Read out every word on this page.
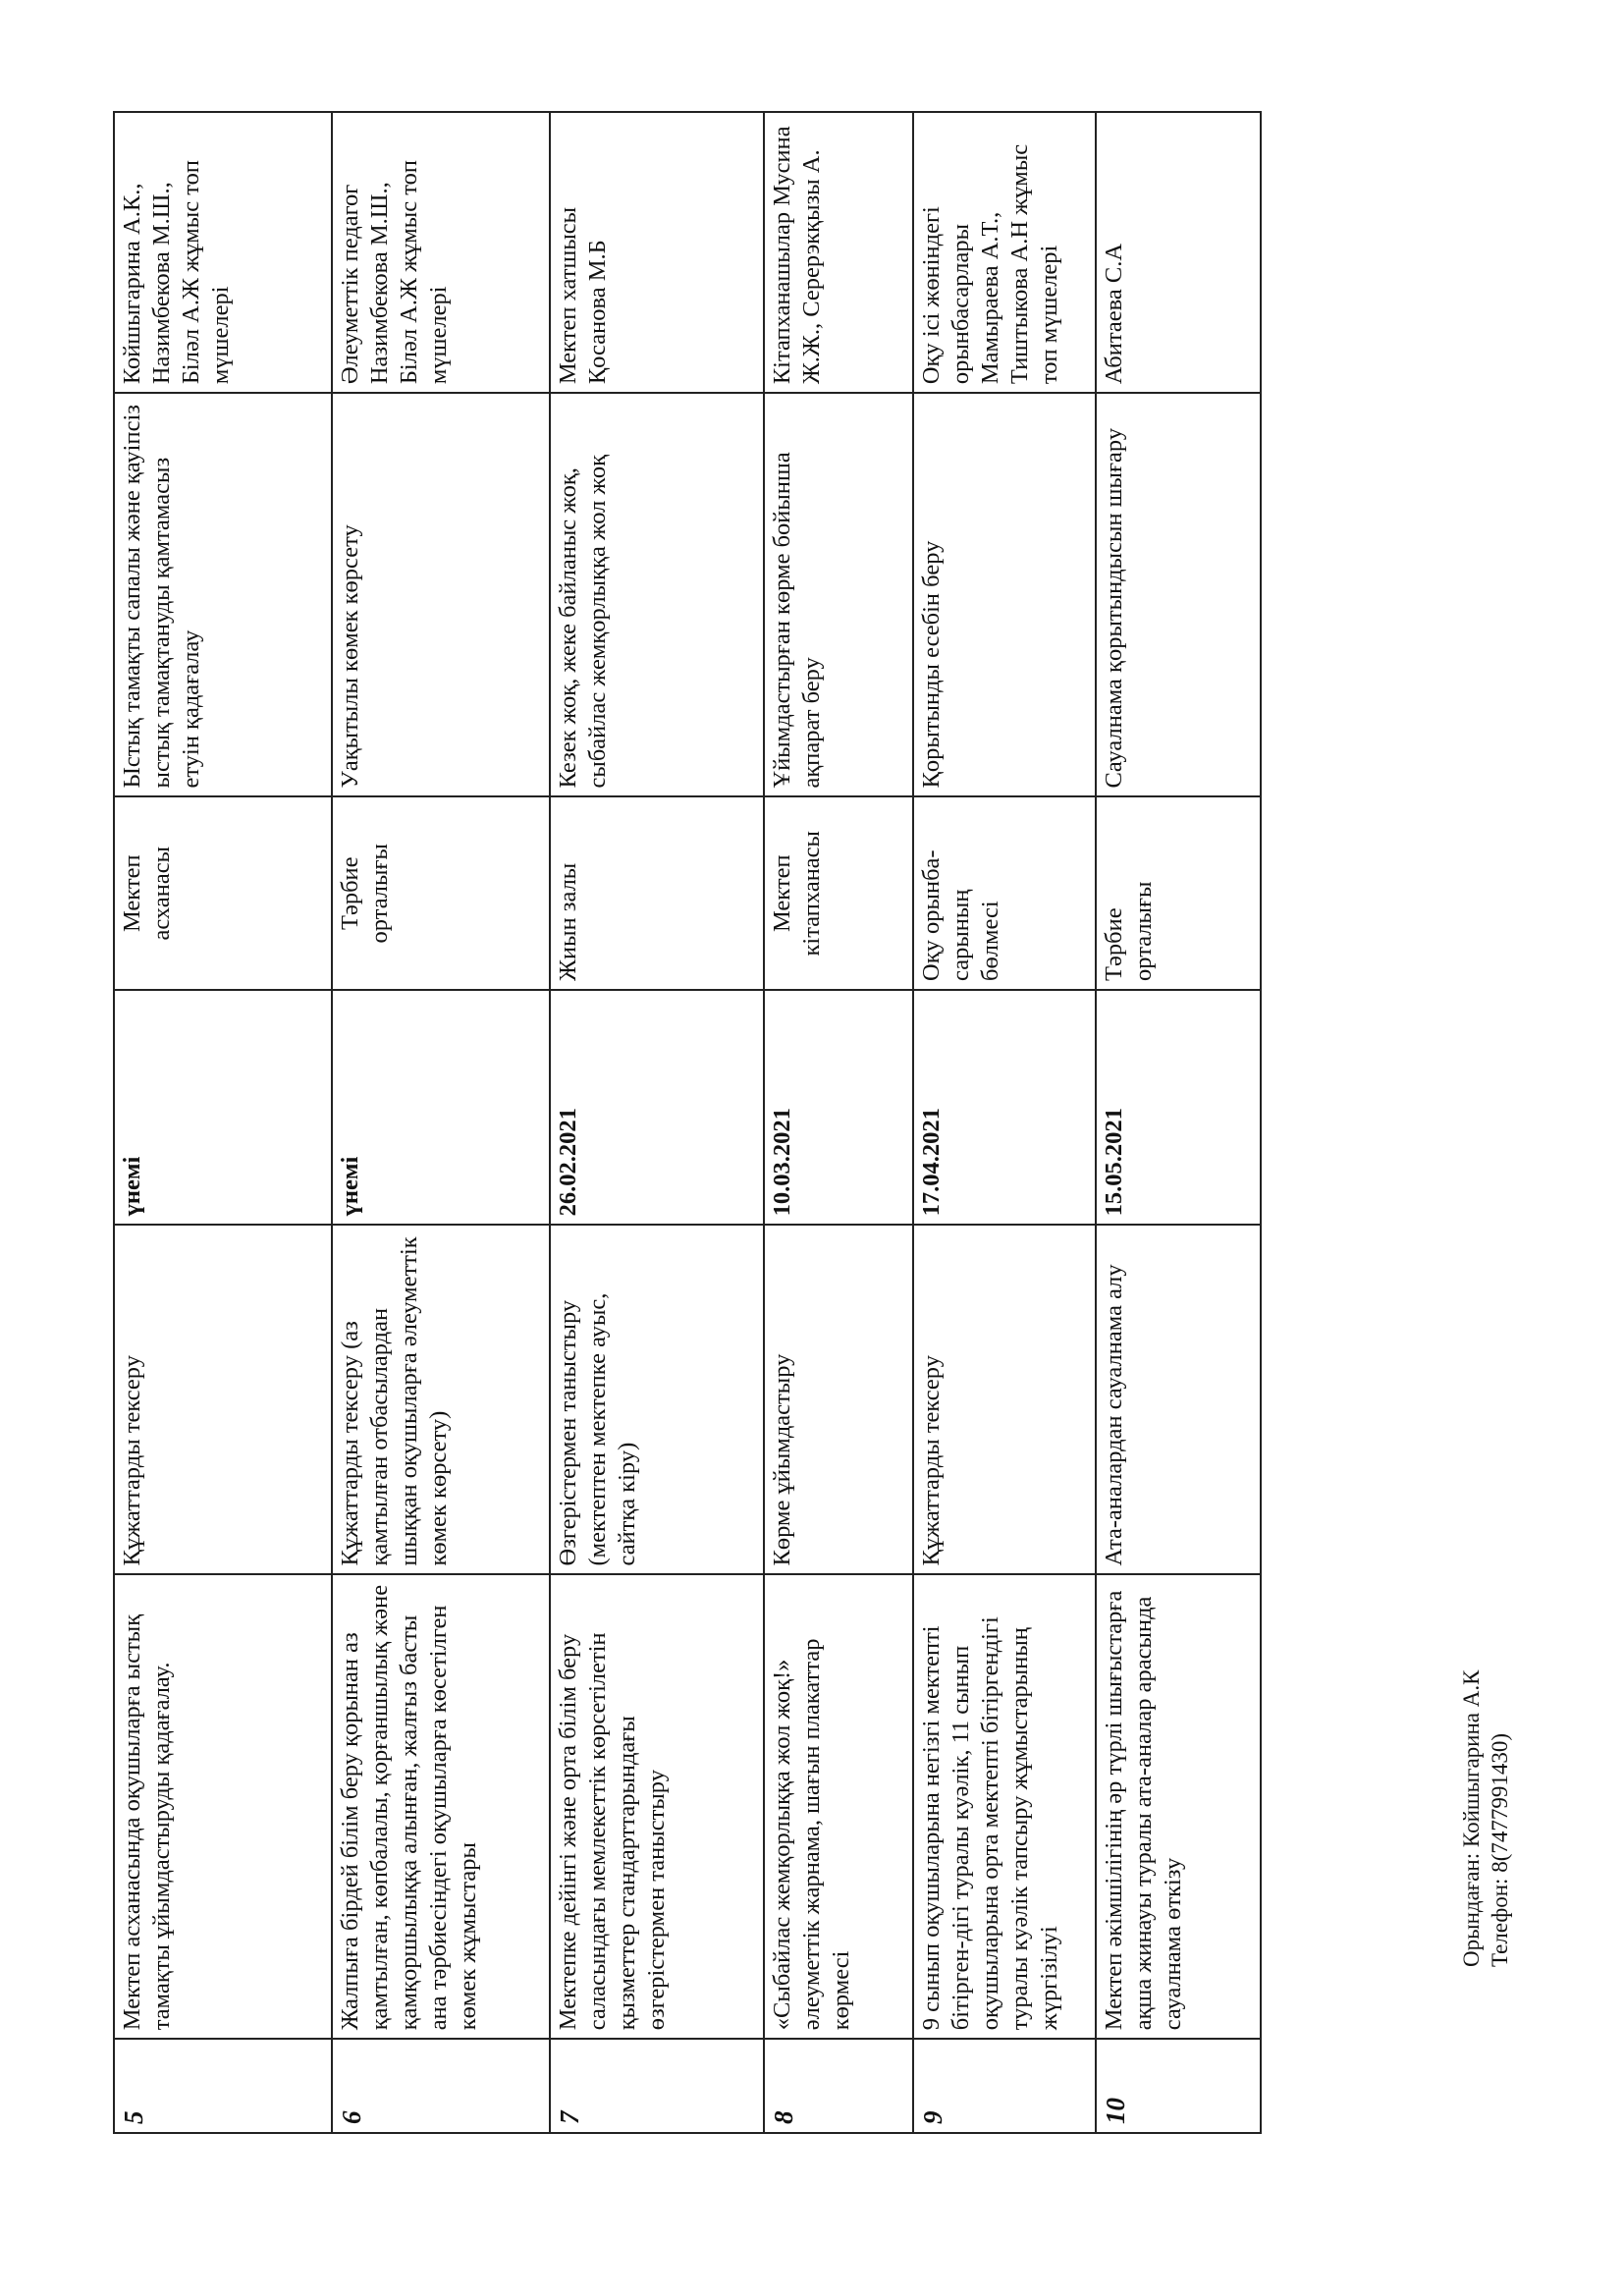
5	Мектеп асханасында оқушыларға ыстық тамақты ұйымдастыруды қадағалау.	Құжаттарды тексеру	үнемі	Мектеп асханасы	Ыстық тамақты сапалы және қауіпсіз ыстық тамақтануды қамтамасыз етуін қадағалау	Койшыгарина А.К., Назимбекова М.Ш., Біләл А.Ж жұмыс топ мүшелері
6	Жалпыға бірдей білім беру қорынан аз қамтылған, көпбалалы, қорғаншылық және қамқоршылыққа алынған, жалғыз басты ана тәрбиесіндегі оқушыларға көсетілген көмек жұмыстары	Құжаттарды тексеру (аз қамтылған отбасылардан шыққан оқушыларға әлеуметтік көмек көрсету)	үнемі	Тәрбие орталығы	Уақытылы көмек көрсету	Әлеуметтік педагог Назимбекова М.Ш., Біләл А.Ж жұмыс топ мүшелері
7	Мектепке дейінгі және орта білім беру саласындағы мемлекеттік көрсетілетін қызметтер стандарттарындағы өзгерістермен таныстыру	Өзгерістермен таныстыру (мектептен мектепке ауыс, сайтқа кіру)	26.02.2021	Жиын залы	Кезек жоқ, жеке байланыс жоқ, сыбайлас жемқорлыққа жол жоқ	Мектеп хатшысы Қосанова М.Б
8	«Сыбайлас жемқорлыққа жол жоқ!» әлеуметтік жарнама, шағын плакаттар көрмесі	Көрме ұйымдастыру	10.03.2021	Мектеп кітапханасы	Ұйымдастырған көрме бойынша ақпарат беру	Кітапханашылар Мусина Ж.Ж., Серерэкқызы А.
9	9 сынып оқушыларына негізгі мектепті бітірген-дігі туралы куәлік, 11 сынып оқушыларына орта мектепті бітіргендігі туралы куәлік тапсыру жұмыстарының жүргізілуі	Құжаттарды тексеру	17.04.2021	Оқу орынба-сарының бөлмесі	Қорытынды есебін беру	Оқу ісі жөніндегі орынбасарлары Мамыраева А.Т., Тиштыкова А.Н жұмыс топ мүшелері
10	Мектеп әкімшілігінің әр түрлі шығыстарға ақша жинауы туралы ата-аналар арасында сауалнама өткізу	Ата-аналардан сауалнама алу	15.05.2021	Тәрбие орталығы	Сауалнама қорытындысын шығару	Абитаева С.А
Орындаған: Койшыгарина А.К Телефон: 8(7477991430)
